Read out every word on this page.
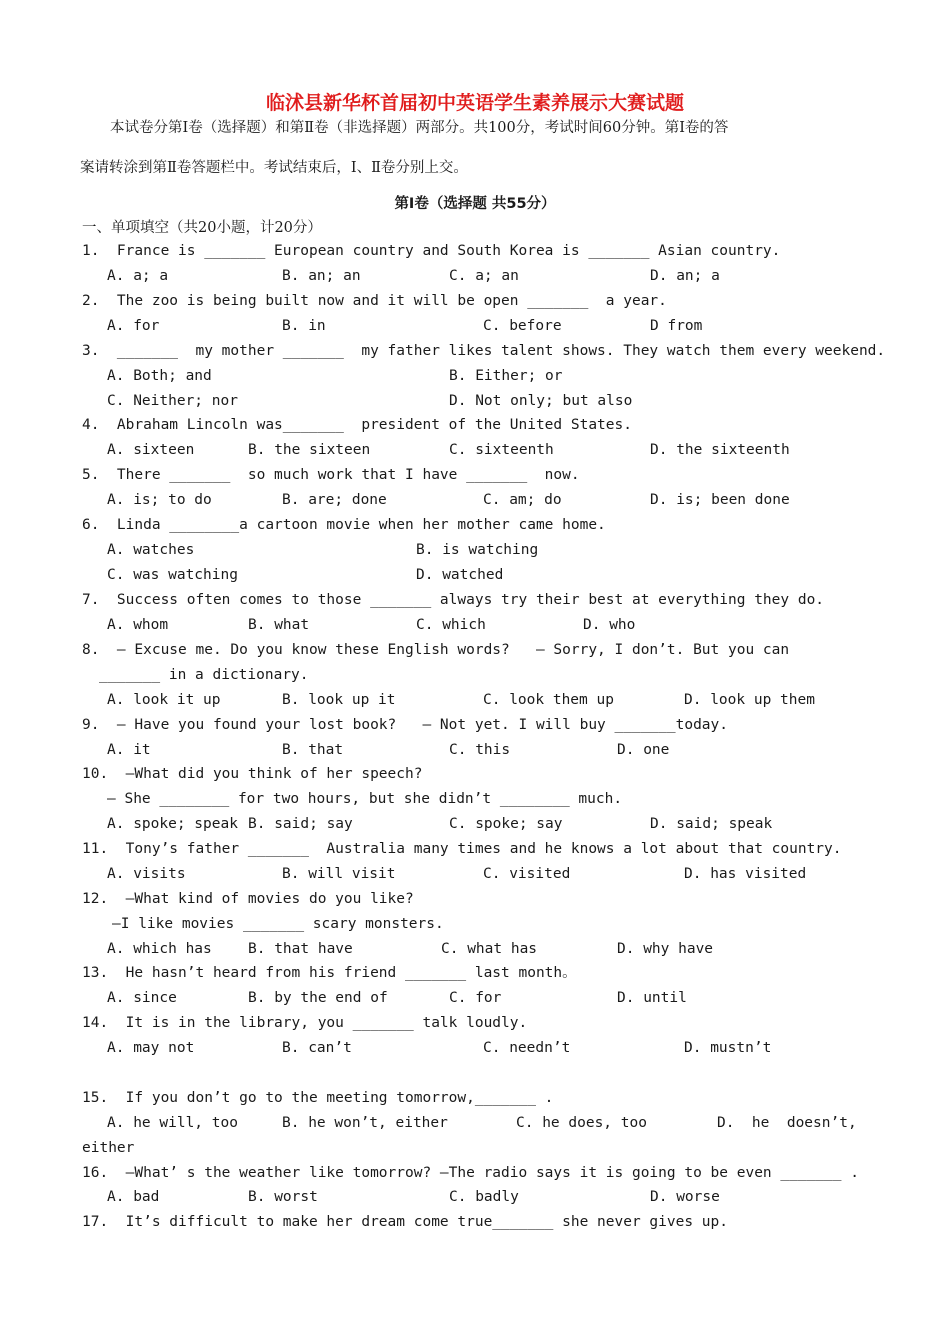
临沭县新华杯首届初中英语学生素养展示大赛试题
本试卷分第Ⅰ卷（选择题）和第Ⅱ卷（非选择题）两部分。共100分，考试时间60分钟。第Ⅰ卷的答
案请转涂到第Ⅱ卷答题栏中。考试结束后，Ⅰ、Ⅱ卷分别上交。
第Ⅰ卷（选择题 共55分）
一、单项填空（共20小题，计20分）
1.  France is _______ European country and South Korea is _______ Asian country.
A. a; a	B. an; an	C. a; an	D. an; a
2.  The zoo is being built now and it will be open _______  a year.
A. for	B. in	C. before	D from
3.  _______  my mother _______  my father likes talent shows. They watch them every weekend.
A. Both; and	B. Either; or
C. Neither; nor	D. Not only; but also
4.  Abraham Lincoln was_______  president of the United States.
A. sixteen	B. the sixteen	C. sixteenth	D. the sixteenth
5.  There _______  so much work that I have _______  now.
A. is; to do	B. are; done	C. am; do	D. is; been done
6.  Linda ________a cartoon movie when her mother came home.
A. watches	B. is watching
C. was watching	D. watched
7.  Success often comes to those _______ always try their best at everything they do.
A. whom	B. what	C. which	D. who
8.  — Excuse me. Do you know these English words?   — Sorry, I don’t. But you can
_______ in a dictionary.
A. look it up	B. look up it	C. look them up	D. look up them
9.  — Have you found your lost book?   — Not yet. I will buy _______today.
A. it	B. that	C. this	D. one
10.  —What did you think of her speech?
— She ________ for two hours, but she didn’t ________ much.
A. spoke; speak B. said; say	C. spoke; say	D. said; speak
11.  Tony’s father _______  Australia many times and he knows a lot about that country.
A. visits	B. will visit	C. visited	D. has visited
12.  —What kind of movies do you like?
—I like movies _______ scary monsters.
A. which has B. that have	C. what has	D. why have
13.  He hasn’t heard from his friend _______ last month。
A. since	B. by the end of	C. for	D. until
14.  It is in the library, you _______ talk loudly.
A. may not	B. can’t	C. needn’t	D. mustn’t
15.  If you don’t go to the meeting tomorrow,_______ .
A. he will, too	B. he won’t, either	C. he does, too	D.  he  doesn’t,
either
16.  —What’ s the weather like tomorrow? —The radio says it is going to be even _______ .
A. bad	B. worst	C. badly	D. worse
17.  It’s difficult to make her dream come true_______ she never gives up.
